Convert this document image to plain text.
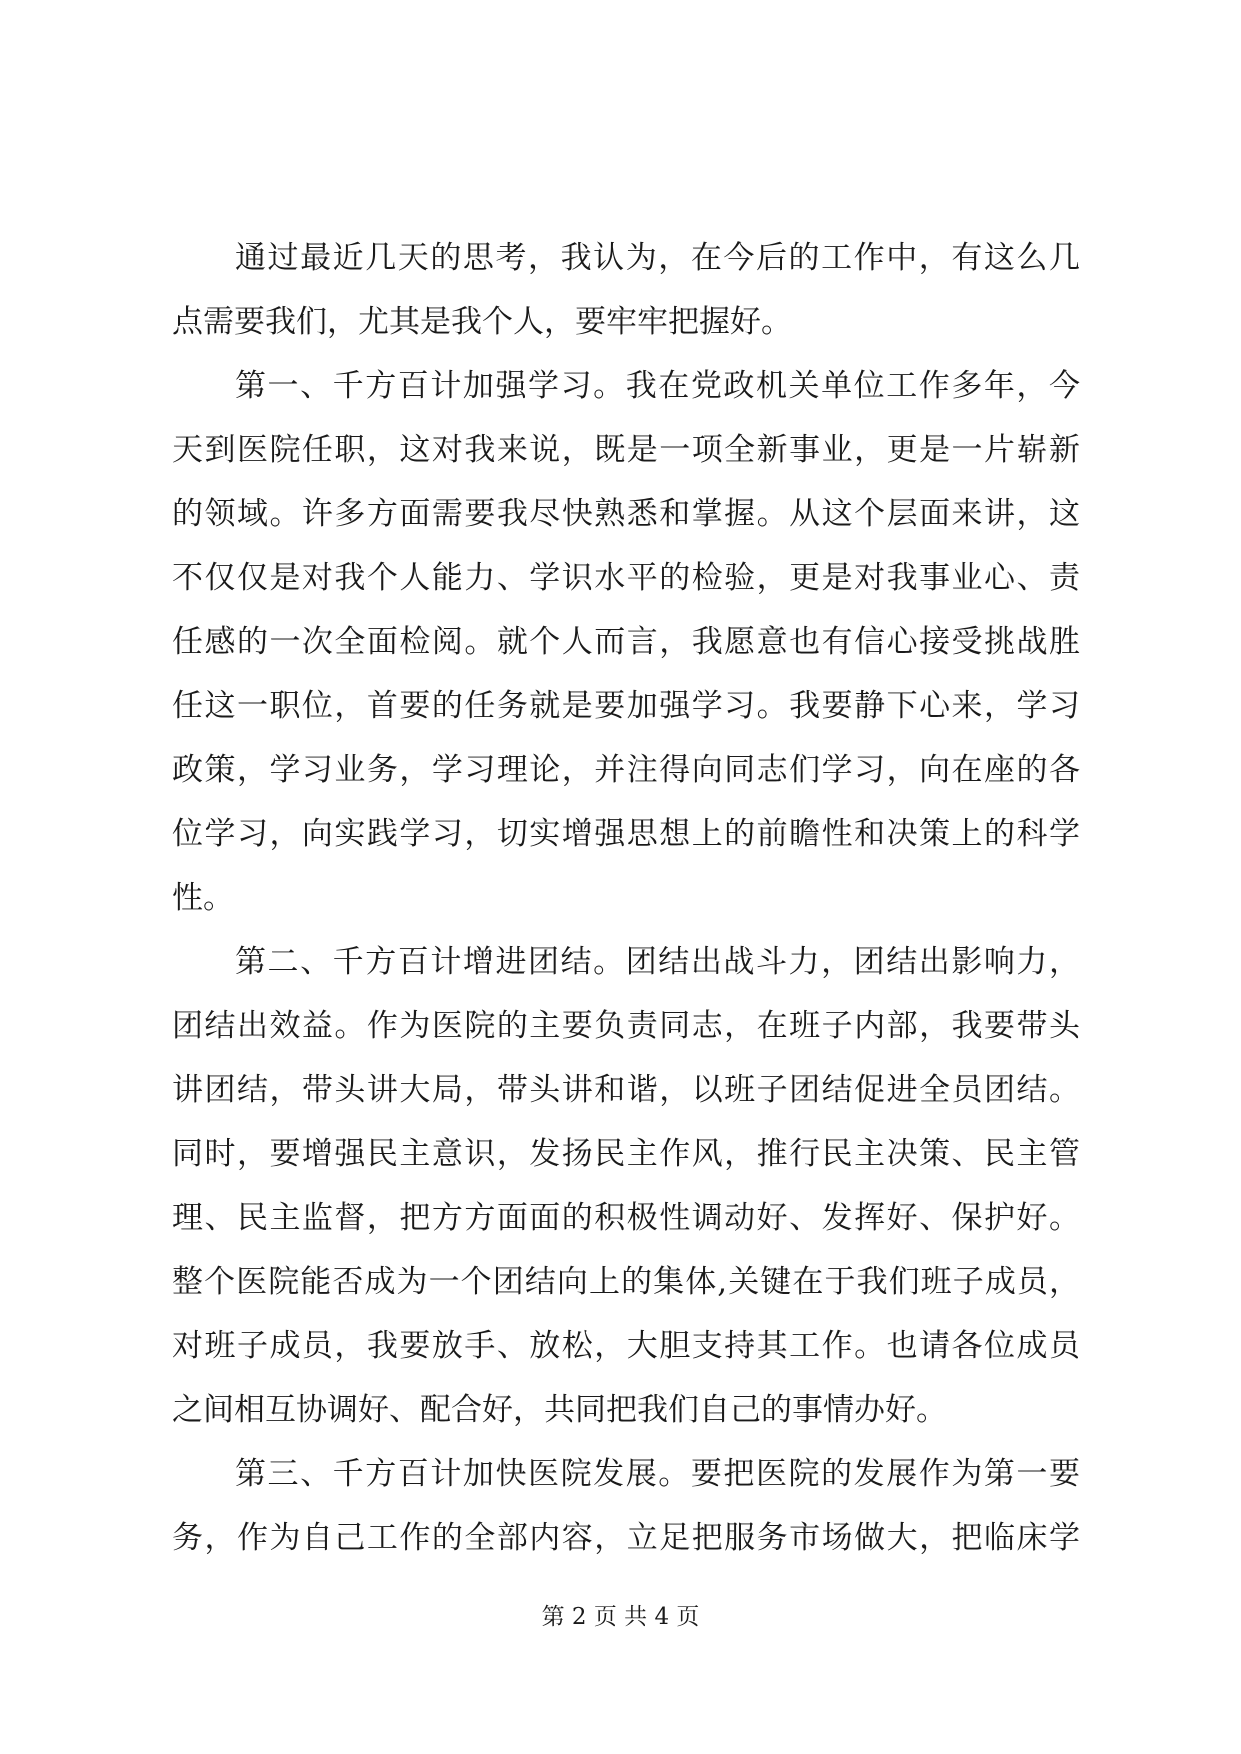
通过最近几天的思考，我认为，在今后的工作中，有这么几
点需要我们，尤其是我个人，要牢牢把握好。
第一、千方百计加强学习。我在党政机关单位工作多年，今
天到医院任职，这对我来说，既是一项全新事业，更是一片崭新
的领域。许多方面需要我尽快熟悉和掌握。从这个层面来讲，这
不仅仅是对我个人能力、学识水平的检验，更是对我事业心、责
任感的一次全面检阅。就个人而言，我愿意也有信心接受挑战胜
任这一职位，首要的任务就是要加强学习。我要静下心来，学习
政策，学习业务，学习理论，并注得向同志们学习，向在座的各
位学习，向实践学习，切实增强思想上的前瞻性和决策上的科学
性。
第二、千方百计增进团结。团结出战斗力，团结出影响力，
团结出效益。作为医院的主要负责同志，在班子内部，我要带头
讲团结，带头讲大局，带头讲和谐，以班子团结促进全员团结。
同时，要增强民主意识，发扬民主作风，推行民主决策、民主管
理、民主监督，把方方面面的积极性调动好、发挥好、保护好。
整个医院能否成为一个团结向上的集体,关键在于我们班子成员，
对班子成员，我要放手、放松，大胆支持其工作。也请各位成员
之间相互协调好、配合好，共同把我们自己的事情办好。
第三、千方百计加快医院发展。要把医院的发展作为第一要
务，作为自己工作的全部内容，立足把服务市场做大，把临床学
第 2 页 共 4 页
